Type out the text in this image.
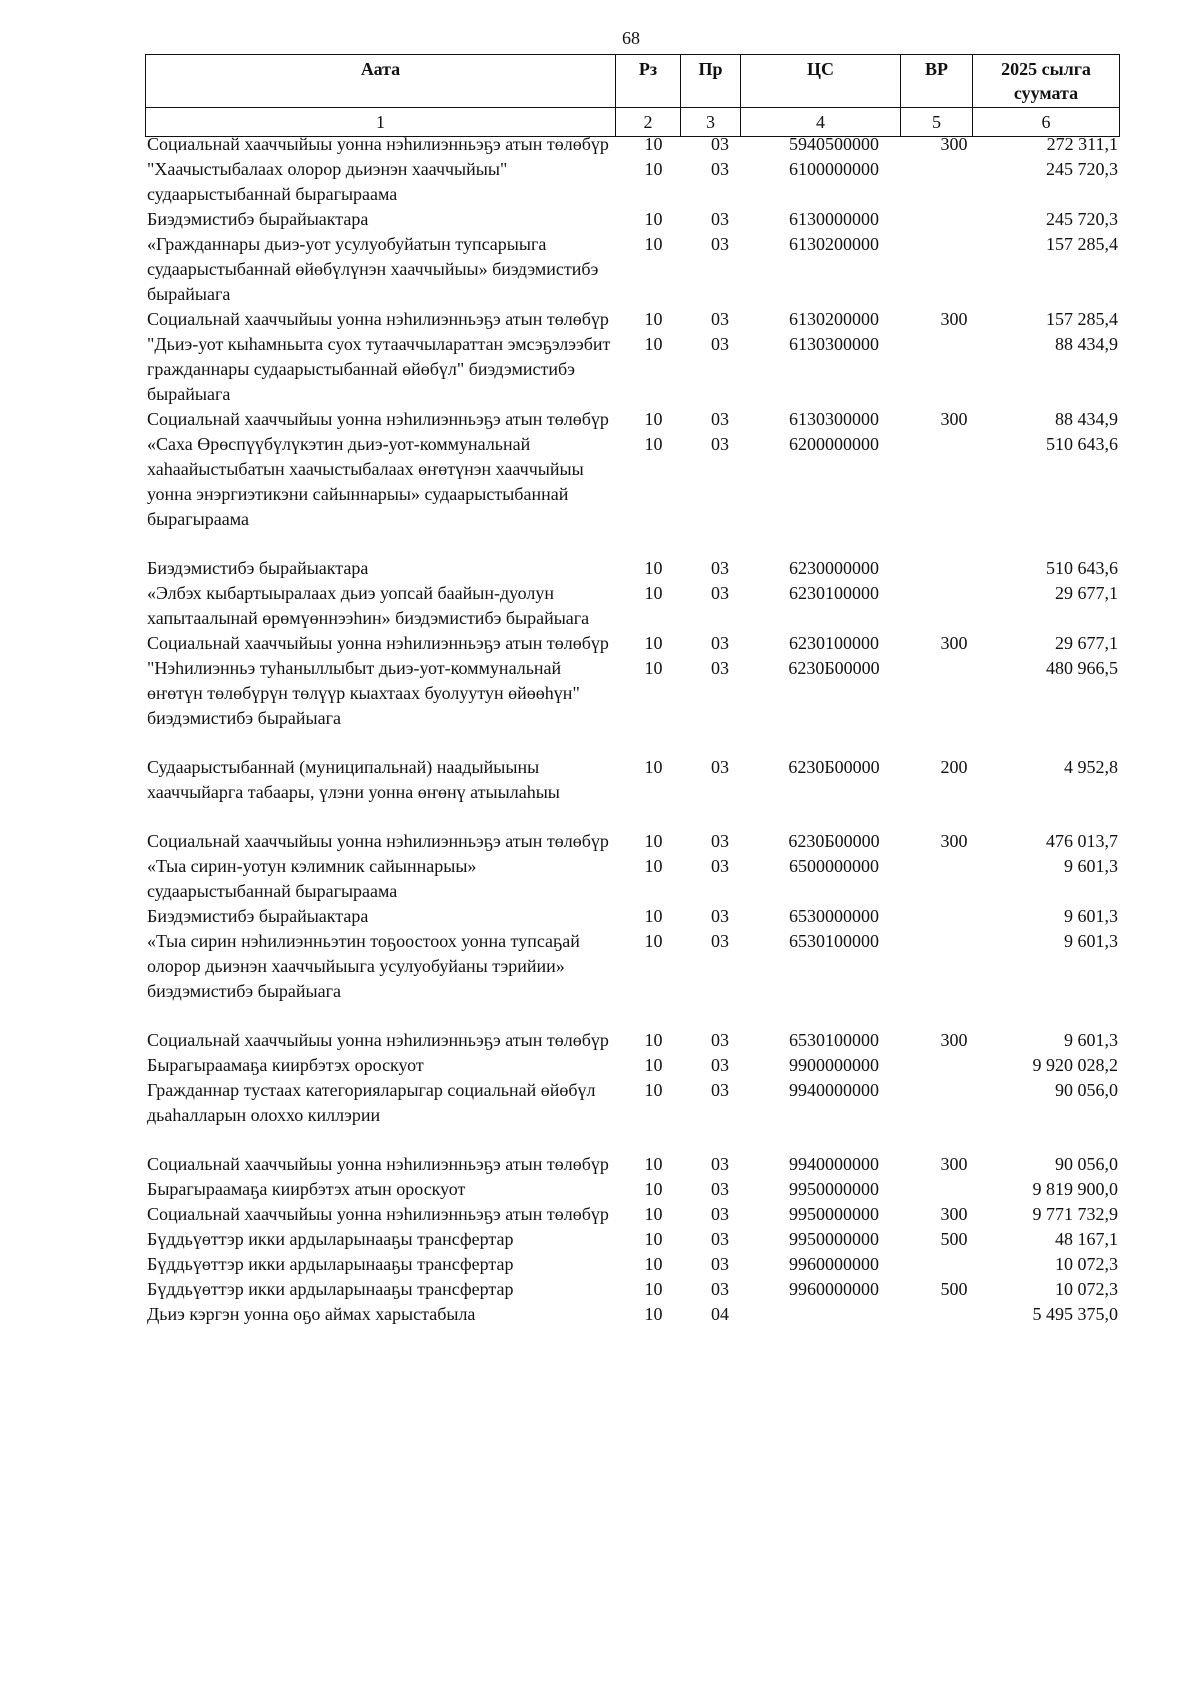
68
Аата	Рз	Пр	ЦС	ВР	2025 сылга суумата
1	2	3	4	5	6
Социальнай хааччыйыы уонна нэһилиэнньэҕэ атын төлөбүр	10	03	5940500000	300	272 311,1
"Хаачыстыбалаах олорор дьиэнэн хааччыйыы" судаарыстыбаннай бырагыраама	10	03	6100000000		245 720,3
Биэдэмистибэ бырайыактара	10	03	6130000000		245 720,3
«Гражданнары дьиэ-уот усулуобуйатын тупсарыыга судаарыстыбаннай өйөбүлүнэн хааччыйыы» биэдэмистибэ бырайыага	10	03	6130200000		157 285,4
Социальнай хааччыйыы уонна нэһилиэнньэҕэ атын төлөбүр	10	03	6130200000	300	157 285,4
"Дьиэ-уот кыһамньыта суох тутааччылараттан эмсэҕэлээбит гражданнары судаарыстыбаннай өйөбүл" биэдэмистибэ бырайыага	10	03	6130300000		88 434,9
Социальнай хааччыйыы уонна нэһилиэнньэҕэ атын төлөбүр	10	03	6130300000	300	88 434,9
«Саха Өрөспүүбүлүкэтин дьиэ-уот-коммунальнай хаһаайыстыбатын хаачыстыбалаах өҥөтүнэн хааччыйыы уонна энэргиэтикэни сайыннарыы» судаарыстыбаннай бырагыраама	10	03	6200000000		510 643,6
Биэдэмистибэ бырайыактара	10	03	6230000000		510 643,6
«Элбэх кыбартыыралаах дьиэ уопсай баайын-дуолун хапытаалынай өрөмүөннээһин» биэдэмистибэ бырайыага	10	03	6230100000		29 677,1
Социальнай хааччыйыы уонна нэһилиэнньэҕэ атын төлөбүр	10	03	6230100000	300	29 677,1
"Нэһилиэнньэ туһаныллыбыт дьиэ-уот-коммунальнай өҥөтүн төлөбүрүн төлүүр кыахтаах буолуутун өйөөһүн" биэдэмистибэ бырайыага	10	03	6230Б00000		480 966,5
Судаарыстыбаннай (муниципальнай) наадыйыыны хааччыйарга табаары, үлэни уонна өҥөнү атыылаһыы	10	03	6230Б00000	200	4 952,8
Социальнай хааччыйыы уонна нэһилиэнньэҕэ атын төлөбүр	10	03	6230Б00000	300	476 013,7
«Тыа сирин-уотун кэлимник сайыннарыы» судаарыстыбаннай бырагыраама	10	03	6500000000		9 601,3
Биэдэмистибэ бырайыактара	10	03	6530000000		9 601,3
«Тыа сирин нэһилиэнньэтин тоҕоостоох уонна тупсаҕай олорор дьиэнэн хааччыйыыга усулуобуйаны тэрийии» биэдэмистибэ бырайыага	10	03	6530100000		9 601,3
Социальнай хааччыйыы уонна нэһилиэнньэҕэ атын төлөбүр	10	03	6530100000	300	9 601,3
Бырагыраамаҕа киирбэтэх ороскуот	10	03	9900000000		9 920 028,2
Гражданнар тустаах категорияларыгар социальнай өйөбүл дьаһалларын олоххо киллэрии	10	03	9940000000		90 056,0
Социальнай хааччыйыы уонна нэһилиэнньэҕэ атын төлөбүр	10	03	9940000000	300	90 056,0
Бырагыраамаҕа киирбэтэх атын ороскуот	10	03	9950000000		9 819 900,0
Социальнай хааччыйыы уонна нэһилиэнньэҕэ атын төлөбүр	10	03	9950000000	300	9 771 732,9
Бүддьүөттэр икки ардыларынааҕы трансфертар	10	03	9950000000	500	48 167,1
Бүддьүөттэр икки ардыларынааҕы трансфертар	10	03	9960000000		10 072,3
Бүддьүөттэр икки ардыларынааҕы трансфертар	10	03	9960000000	500	10 072,3
Дьиэ кэргэн уонна оҕо аймах харыстабыла	10	04			5 495 375,0
